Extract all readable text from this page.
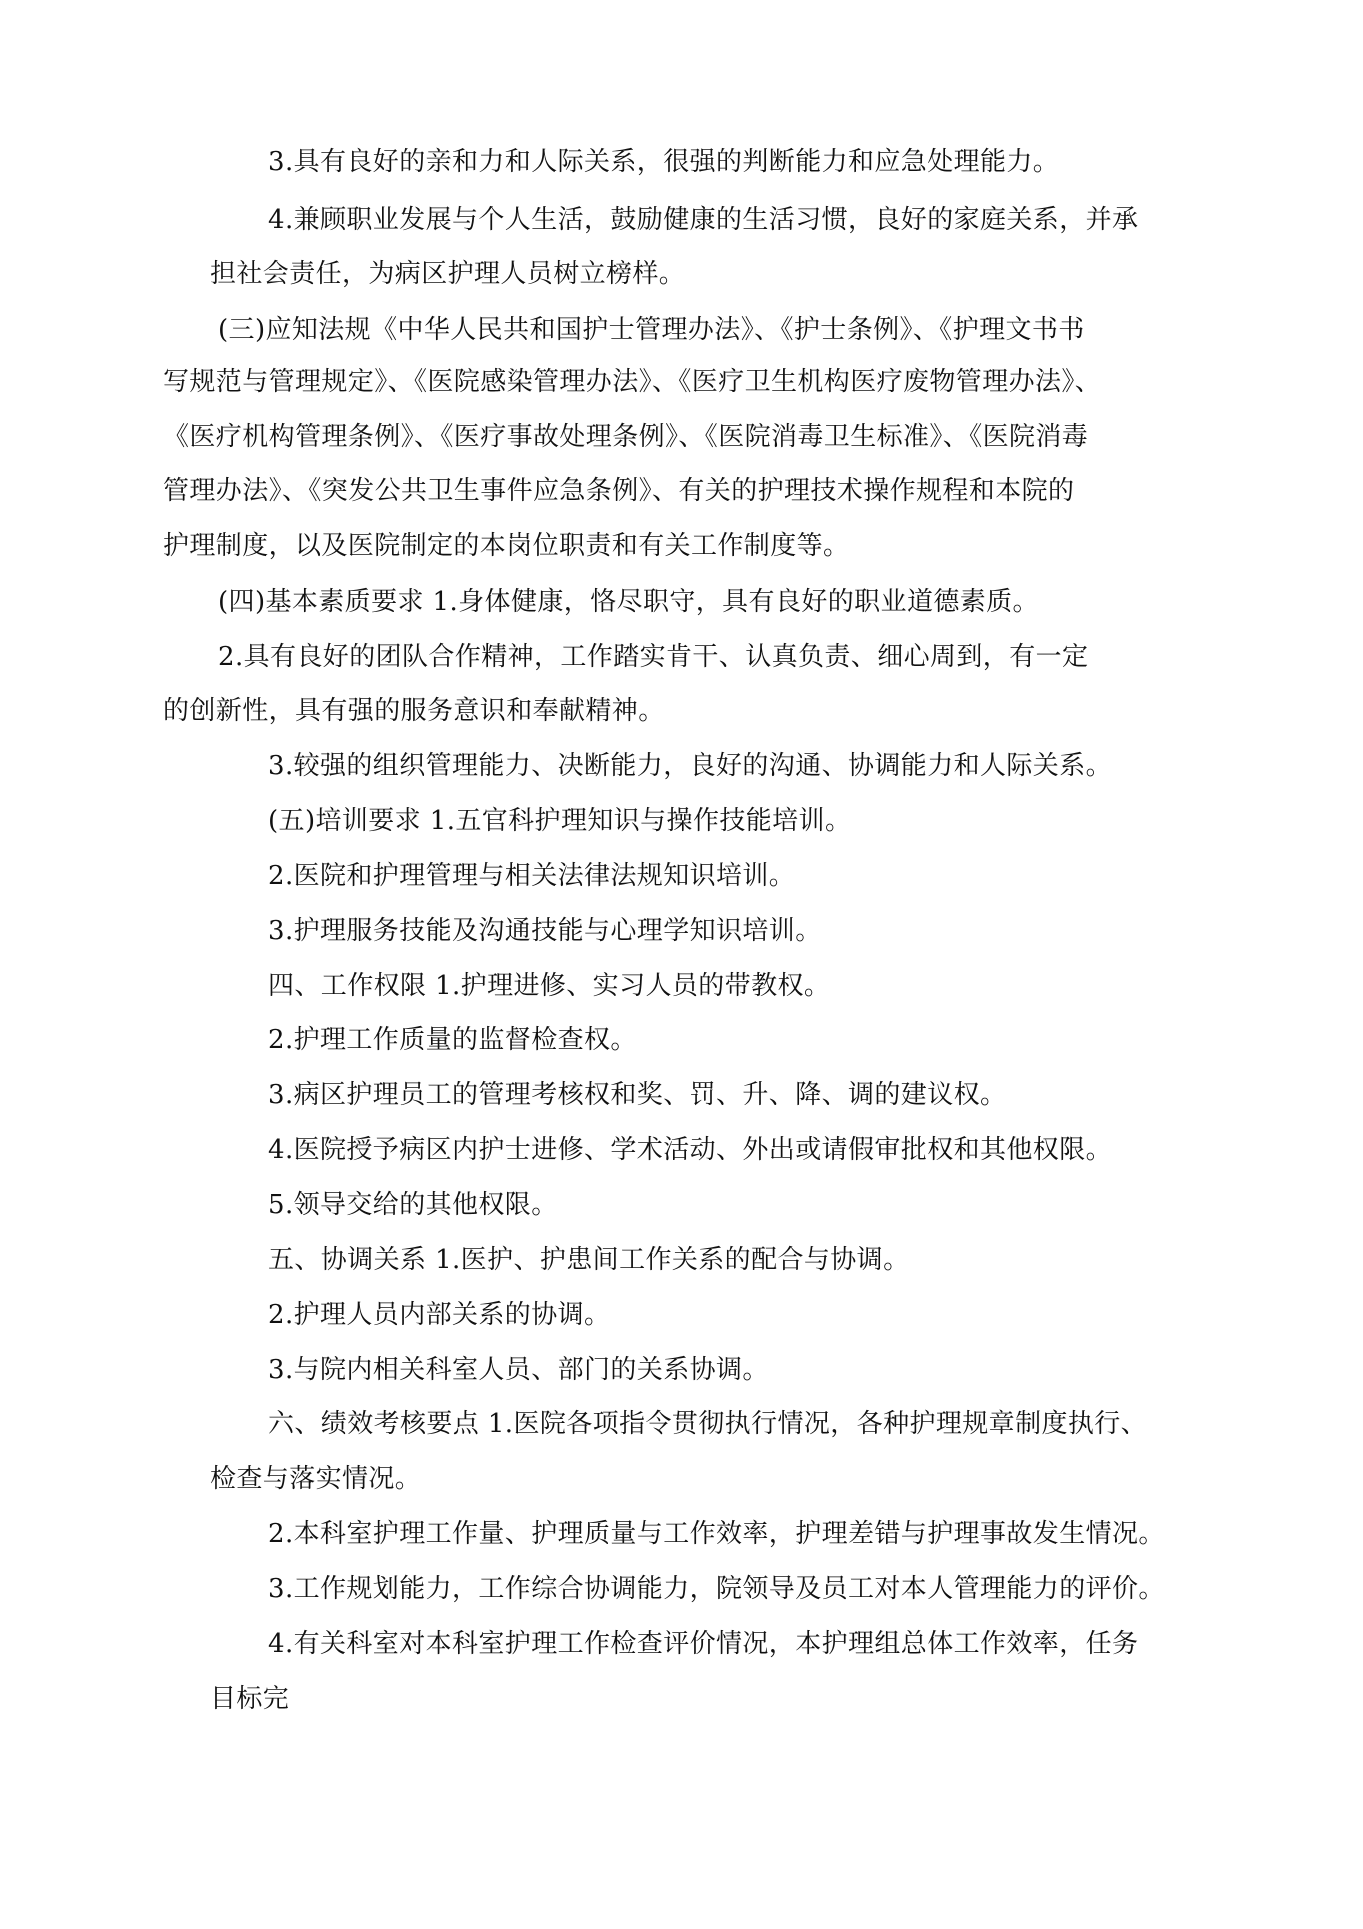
3.具有良好的亲和力和人际关系，很强的判断能力和应急处理能力。
4.兼顾职业发展与个人生活，鼓励健康的生活习惯，良好的家庭关系，并承
担社会责任，为病区护理人员树立榜样。
(三)应知法规《中华人民共和国护士管理办法》、《护士条例》、《护理文书书
写规范与管理规定》、《医院感染管理办法》、《医疗卫生机构医疗废物管理办法》、
《医疗机构管理条例》、《医疗事故处理条例》、《医院消毒卫生标准》、《医院消毒
管理办法》、《突发公共卫生事件应急条例》、有关的护理技术操作规程和本院的
护理制度，以及医院制定的本岗位职责和有关工作制度等。
(四)基本素质要求 1.身体健康，恪尽职守，具有良好的职业道德素质。
2.具有良好的团队合作精神，工作踏实肯干、认真负责、细心周到，有一定
的创新性，具有强的服务意识和奉献精神。
3.较强的组织管理能力、决断能力，良好的沟通、协调能力和人际关系。
(五)培训要求 1.五官科护理知识与操作技能培训。
2.医院和护理管理与相关法律法规知识培训。
3.护理服务技能及沟通技能与心理学知识培训。
四、工作权限 1.护理进修、实习人员的带教权。
2.护理工作质量的监督检查权。
3.病区护理员工的管理考核权和奖、罚、升、降、调的建议权。
4.医院授予病区内护士进修、学术活动、外出或请假审批权和其他权限。
5.领导交给的其他权限。
五、协调关系 1.医护、护患间工作关系的配合与协调。
2.护理人员内部关系的协调。
3.与院内相关科室人员、部门的关系协调。
六、绩效考核要点 1.医院各项指令贯彻执行情况，各种护理规章制度执行、
检查与落实情况。
2.本科室护理工作量、护理质量与工作效率，护理差错与护理事故发生情况。
3.工作规划能力，工作综合协调能力，院领导及员工对本人管理能力的评价。
4.有关科室对本科室护理工作检查评价情况，本护理组总体工作效率，任务
目标完
